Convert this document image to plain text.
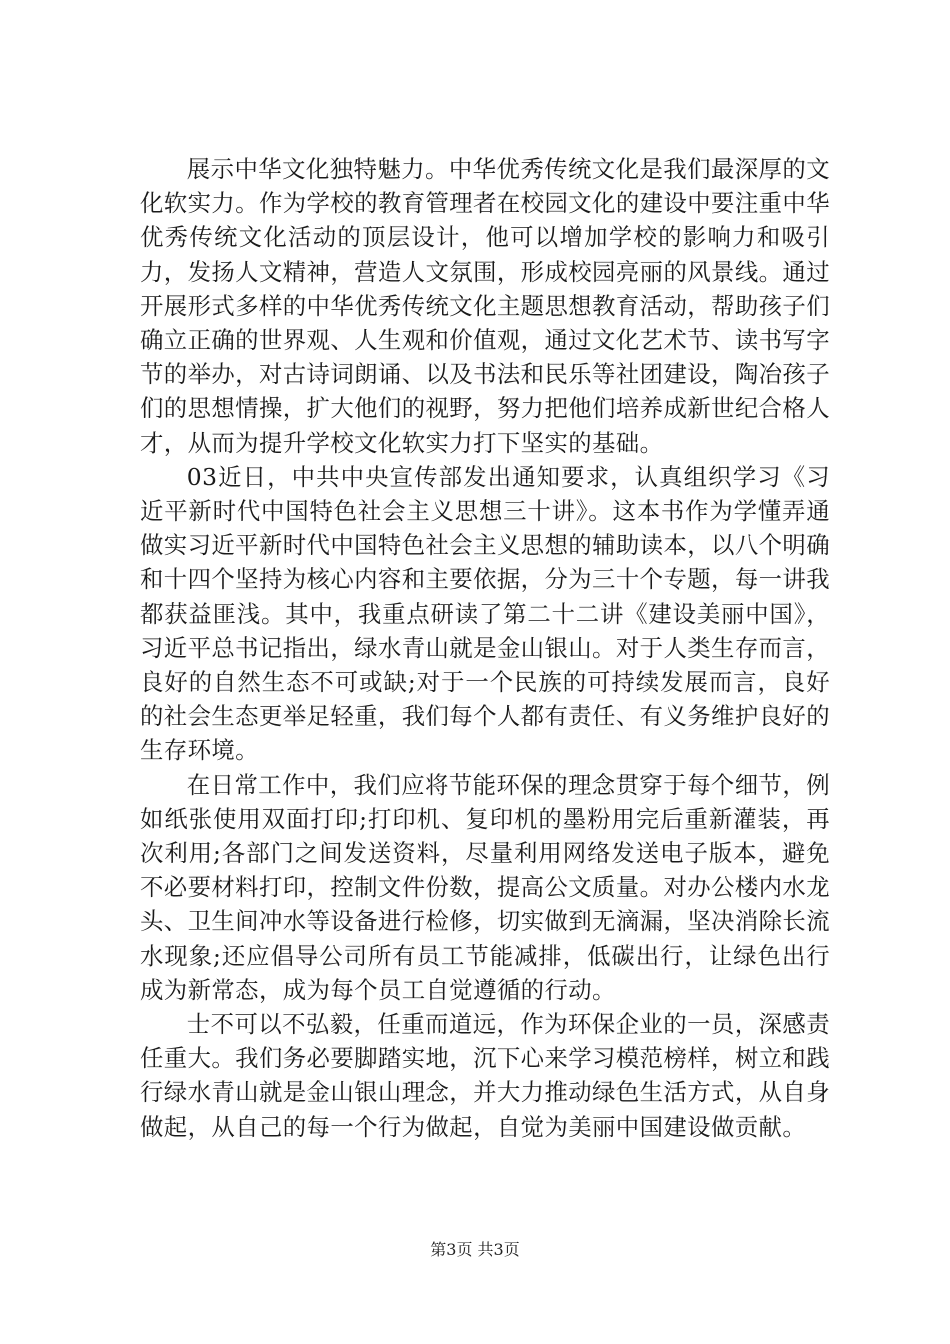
展示中华文化独特魅力。中华优秀传统文化是我们最深厚的文化软实力。作为学校的教育管理者在校园文化的建设中要注重中华优秀传统文化活动的顶层设计，他可以增加学校的影响力和吸引力，发扬人文精神，营造人文氛围，形成校园亮丽的风景线。通过开展形式多样的中华优秀传统文化主题思想教育活动，帮助孩子们确立正确的世界观、人生观和价值观，通过文化艺术节、读书写字节的举办，对古诗词朗诵、以及书法和民乐等社团建设，陶冶孩子们的思想情操，扩大他们的视野，努力把他们培养成新世纪合格人才，从而为提升学校文化软实力打下坚实的基础。

03近日，中共中央宣传部发出通知要求，认真组织学习《习近平新时代中国特色社会主义思想三十讲》。这本书作为学懂弄通做实习近平新时代中国特色社会主义思想的辅助读本，以八个明确和十四个坚持为核心内容和主要依据，分为三十个专题，每一讲我都获益匪浅。其中，我重点研读了第二十二讲《建设美丽中国》，习近平总书记指出，绿水青山就是金山银山。对于人类生存而言，良好的自然生态不可或缺;对于一个民族的可持续发展而言，良好的社会生态更举足轻重，我们每个人都有责任、有义务维护良好的生存环境。

在日常工作中，我们应将节能环保的理念贯穿于每个细节，例如纸张使用双面打印;打印机、复印机的墨粉用完后重新灌装，再次利用;各部门之间发送资料，尽量利用网络发送电子版本，避免不必要材料打印，控制文件份数，提高公文质量。对办公楼内水龙头、卫生间冲水等设备进行检修，切实做到无滴漏，坚决消除长流水现象;还应倡导公司所有员工节能减排，低碳出行，让绿色出行成为新常态，成为每个员工自觉遵循的行动。

士不可以不弘毅，任重而道远，作为环保企业的一员，深感责任重大。我们务必要脚踏实地，沉下心来学习模范榜样，树立和践行绿水青山就是金山银山理念，并大力推动绿色生活方式，从自身做起，从自己的每一个行为做起，自觉为美丽中国建设做贡献。

第3页 共3页
